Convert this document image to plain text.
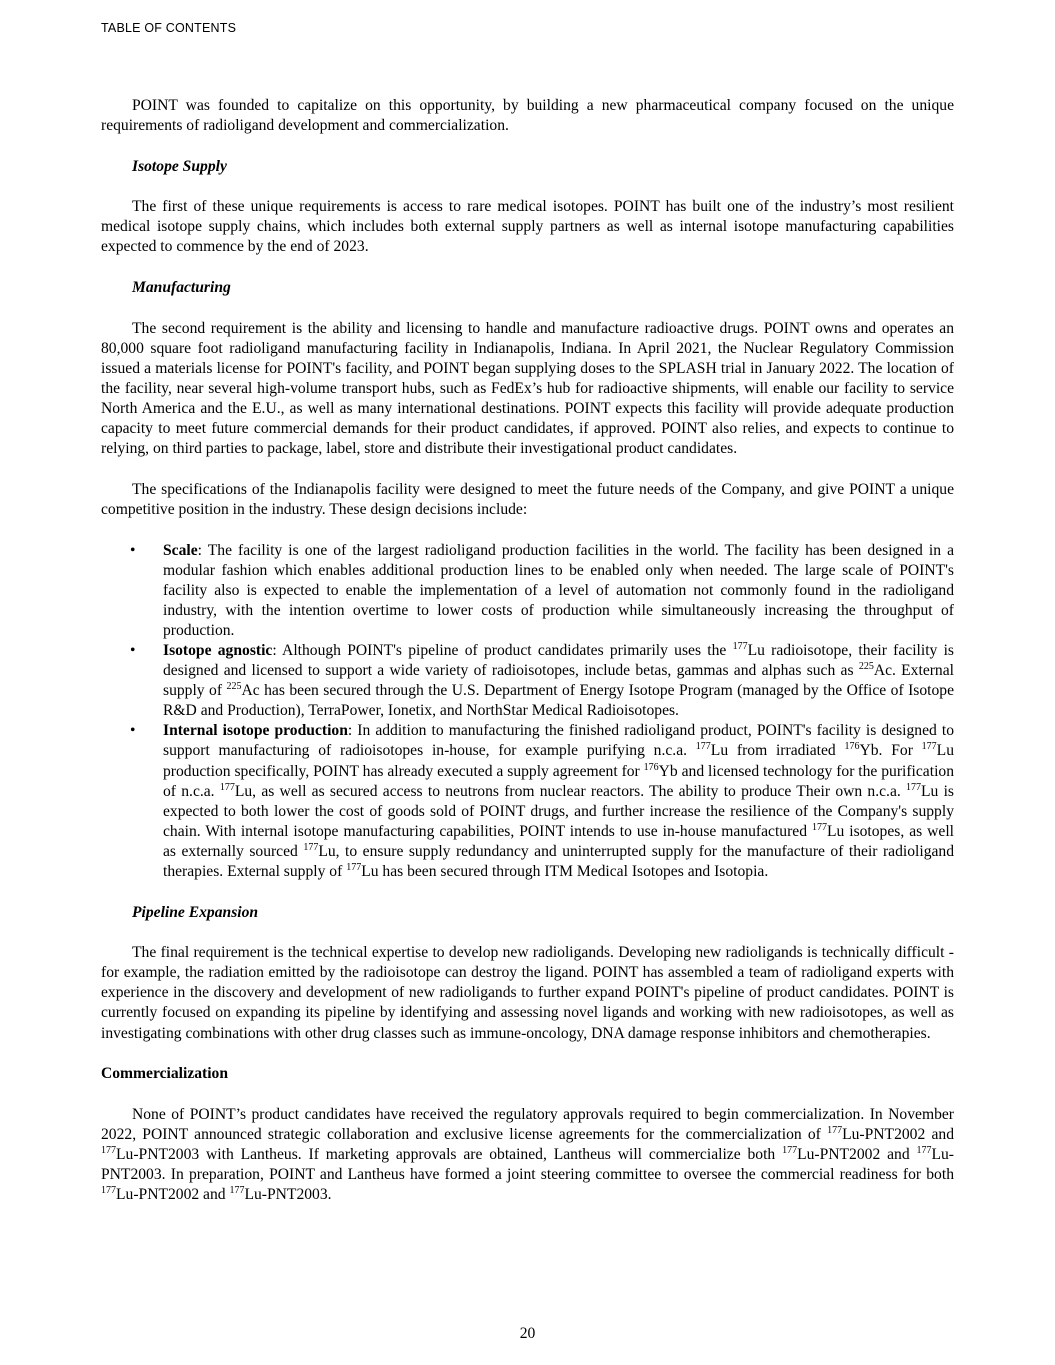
TABLE OF CONTENTS

POINT was founded to capitalize on this opportunity, by building a new pharmaceutical company focused on the unique requirements of radioligand development and commercialization.

Isotope Supply

The first of these unique requirements is access to rare medical isotopes. POINT has built one of the industry’s most resilient medical isotope supply chains, which includes both external supply partners as well as internal isotope manufacturing capabilities expected to commence by the end of 2023.

Manufacturing

The second requirement is the ability and licensing to handle and manufacture radioactive drugs. POINT owns and operates an 80,000 square foot radioligand manufacturing facility in Indianapolis, Indiana. In April 2021, the Nuclear Regulatory Commission issued a materials license for POINT's facility, and POINT began supplying doses to the SPLASH trial in January 2022. The location of the facility, near several high-volume transport hubs, such as FedEx’s hub for radioactive shipments, will enable our facility to service North America and the E.U., as well as many international destinations. POINT expects this facility will provide adequate production capacity to meet future commercial demands for their product candidates, if approved. POINT also relies, and expects to continue to relying, on third parties to package, label, store and distribute their investigational product candidates.

The specifications of the Indianapolis facility were designed to meet the future needs of the Company, and give POINT a unique competitive position in the industry. These design decisions include:

• Scale: The facility is one of the largest radioligand production facilities in the world. The facility has been designed in a modular fashion which enables additional production lines to be enabled only when needed. The large scale of POINT's facility also is expected to enable the implementation of a level of automation not commonly found in the radioligand industry, with the intention overtime to lower costs of production while simultaneously increasing the throughput of production.
• Isotope agnostic: Although POINT's pipeline of product candidates primarily uses the $^{177}$Lu radioisotope, their facility is designed and licensed to support a wide variety of radioisotopes, include betas, gammas and alphas such as $^{225}$Ac. External supply of $^{225}$Ac has been secured through the U.S. Department of Energy Isotope Program (managed by the Office of Isotope R&D and Production), TerraPower, Ionetix, and NorthStar Medical Radioisotopes.
• Internal isotope production: In addition to manufacturing the finished radioligand product, POINT's facility is designed to support manufacturing of radioisotopes in-house, for example purifying n.c.a. $^{177}$Lu from irradiated $^{176}$Yb. For $^{177}$Lu production specifically, POINT has already executed a supply agreement for $^{176}$Yb and licensed technology for the purification of n.c.a. $^{177}$Lu, as well as secured access to neutrons from nuclear reactors. The ability to produce Their own n.c.a. $^{177}$Lu is expected to both lower the cost of goods sold of POINT drugs, and further increase the resilience of the Company's supply chain. With internal isotope manufacturing capabilities, POINT intends to use in-house manufactured $^{177}$Lu isotopes, as well as externally sourced $^{177}$Lu, to ensure supply redundancy and uninterrupted supply for the manufacture of their radioligand therapies. External supply of $^{177}$Lu has been secured through ITM Medical Isotopes and Isotopia.

Pipeline Expansion

The final requirement is the technical expertise to develop new radioligands. Developing new radioligands is technically difficult - for example, the radiation emitted by the radioisotope can destroy the ligand. POINT has assembled a team of radioligand experts with experience in the discovery and development of new radioligands to further expand POINT's pipeline of product candidates. POINT is currently focused on expanding its pipeline by identifying and assessing novel ligands and working with new radioisotopes, as well as investigating combinations with other drug classes such as immune-oncology, DNA damage response inhibitors and chemotherapies.

Commercialization

None of POINT’s product candidates have received the regulatory approvals required to begin commercialization. In November 2022, POINT announced strategic collaboration and exclusive license agreements for the commercialization of $^{177}$Lu-PNT2002 and $^{177}$Lu-PNT2003 with Lantheus. If marketing approvals are obtained, Lantheus will commercialize both $^{177}$Lu-PNT2002 and $^{177}$Lu-PNT2003. In preparation, POINT and Lantheus have formed a joint steering committee to oversee the commercial readiness for both $^{177}$Lu-PNT2002 and $^{177}$Lu-PNT2003.

20
